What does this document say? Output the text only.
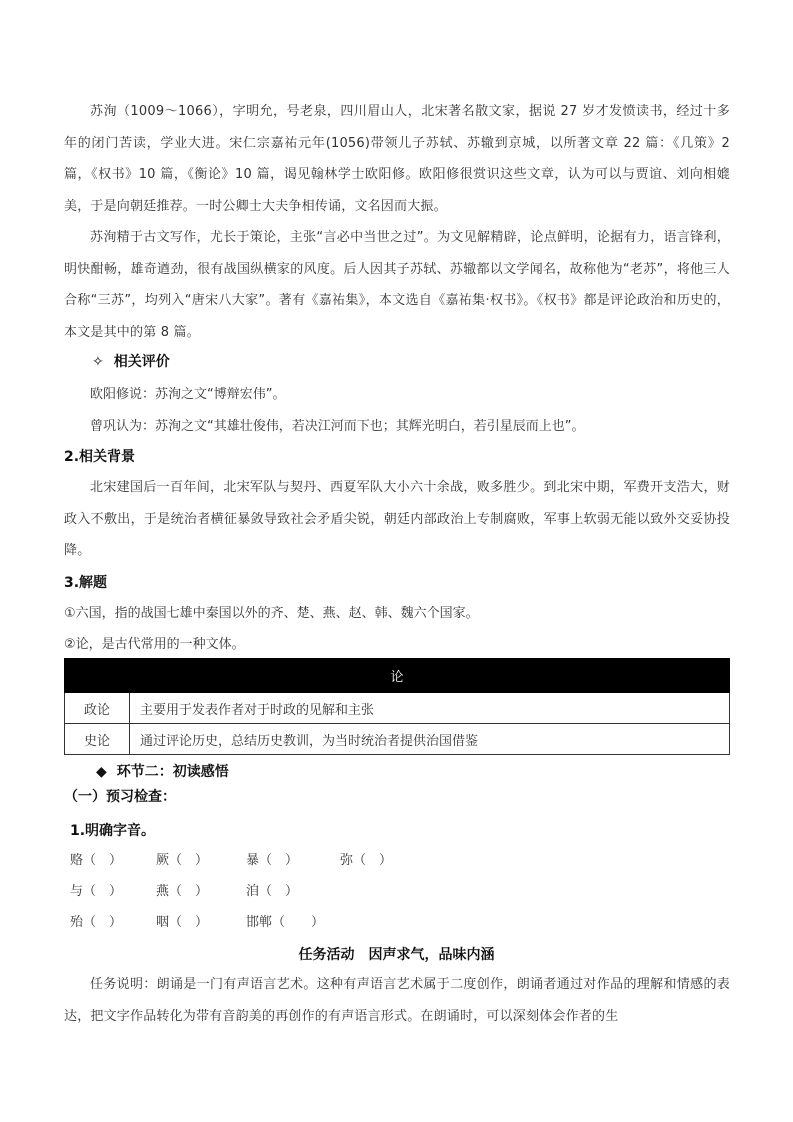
苏洵（1009～1066），字明允，号老泉，四川眉山人，北宋著名散文家，据说 27 岁才发愤读书，经过十多年的闭门苦读，学业大进。宋仁宗嘉祐元年(1056)带领儿子苏轼、苏辙到京城，以所著文章 22 篇：《几策》2 篇，《权书》10 篇，《衡论》10 篇，谒见翰林学士欧阳修。欧阳修很赏识这些文章，认为可以与贾谊、刘向相媲美，于是向朝廷推荐。一时公卿士大夫争相传诵，文名因而大振。
苏洵精于古文写作，尤长于策论，主张“言必中当世之过”。为文见解精辟，论点鲜明，论据有力，语言锋利，明快酣畅，雄奇遒劲，很有战国纵横家的风度。后人因其子苏轼、苏辙都以文学闻名，故称他为“老苏”，将他三人合称“三苏”，均列入“唐宋八大家”。著有《嘉祐集》，本文选自《嘉祐集·权书》。《权书》都是评论政治和历史的，本文是其中的第 8 篇。
✧ 相关评价
欧阳修说：苏洵之文“博辩宏伟”。
曾巩认为：苏洵之文“其雄壮俊伟，若决江河而下也；其辉光明白，若引星辰而上也”。
2.相关背景
北宋建国后一百年间，北宋军队与契丹、西夏军队大小六十余战，败多胜少。到北宋中期，军费开支浩大，财政入不敷出，于是统治者横征暴敛导致社会矛盾尖锐，朝廷内部政治上专制腐败，军事上软弱无能以致外交妥协投降。
3.解题
①六国，指的战国七雄中秦国以外的齐、楚、燕、赵、韩、魏六个国家。
②论，是古代常用的一种文体。
论	
政论	主要用于发表作者对于时政的见解和主张
史论	通过评论历史，总结历史教训，为当时统治者提供治国借鉴
◆ 环节二：初读感悟
（一）预习检查：
1.明确字音。
赂（　）	厥（　）	暴（　）	弥（　）
与（　）	燕（　）	洎（　）
殆（　）	咽（　）	邯郸（　　）
任务活动　因声求气，品味内涵
任务说明：朗诵是一门有声语言艺术。这种有声语言艺术属于二度创作，朗诵者通过对作品的理解和情感的表达，把文字作品转化为带有音韵美的再创作的有声语言形式。在朗诵时，可以深刻体会作者的生
